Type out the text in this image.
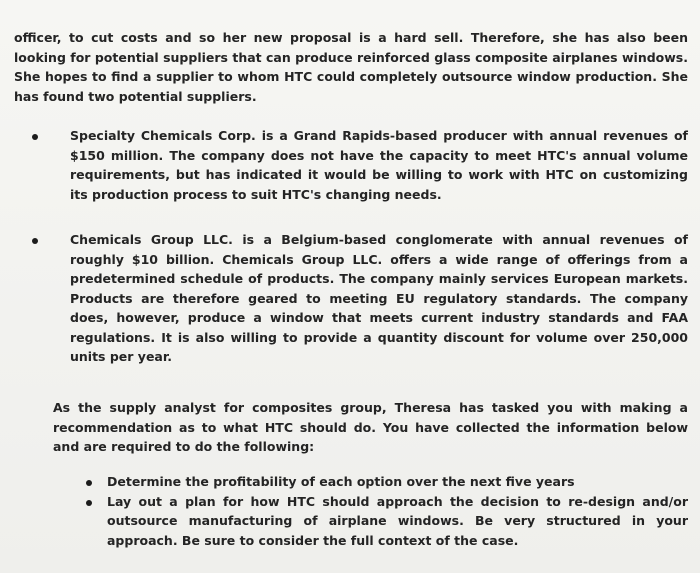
officer, to cut costs and so her new proposal is a hard sell. Therefore, she has also been looking for potential suppliers that can produce reinforced glass composite airplanes windows. She hopes to find a supplier to whom HTC could completely outsource window production. She has found two potential suppliers.

Specialty Chemicals Corp. is a Grand Rapids-based producer with annual revenues of $150 million. The company does not have the capacity to meet HTC's annual volume requirements, but has indicated it would be willing to work with HTC on customizing its production process to suit HTC's changing needs.
Chemicals Group LLC. is a Belgium-based conglomerate with annual revenues of roughly $10 billion. Chemicals Group LLC. offers a wide range of offerings from a predetermined schedule of products. The company mainly services European markets. Products are therefore geared to meeting EU regulatory standards. The company does, however, produce a window that meets current industry standards and FAA regulations. It is also willing to provide a quantity discount for volume over 250,000 units per year.

As the supply analyst for composites group, Theresa has tasked you with making a recommendation as to what HTC should do. You have collected the information below and are required to do the following:

Determine the profitability of each option over the next five years
Lay out a plan for how HTC should approach the decision to re-design and/or outsource manufacturing of airplane windows. Be very structured in your approach. Be sure to consider the full context of the case.
